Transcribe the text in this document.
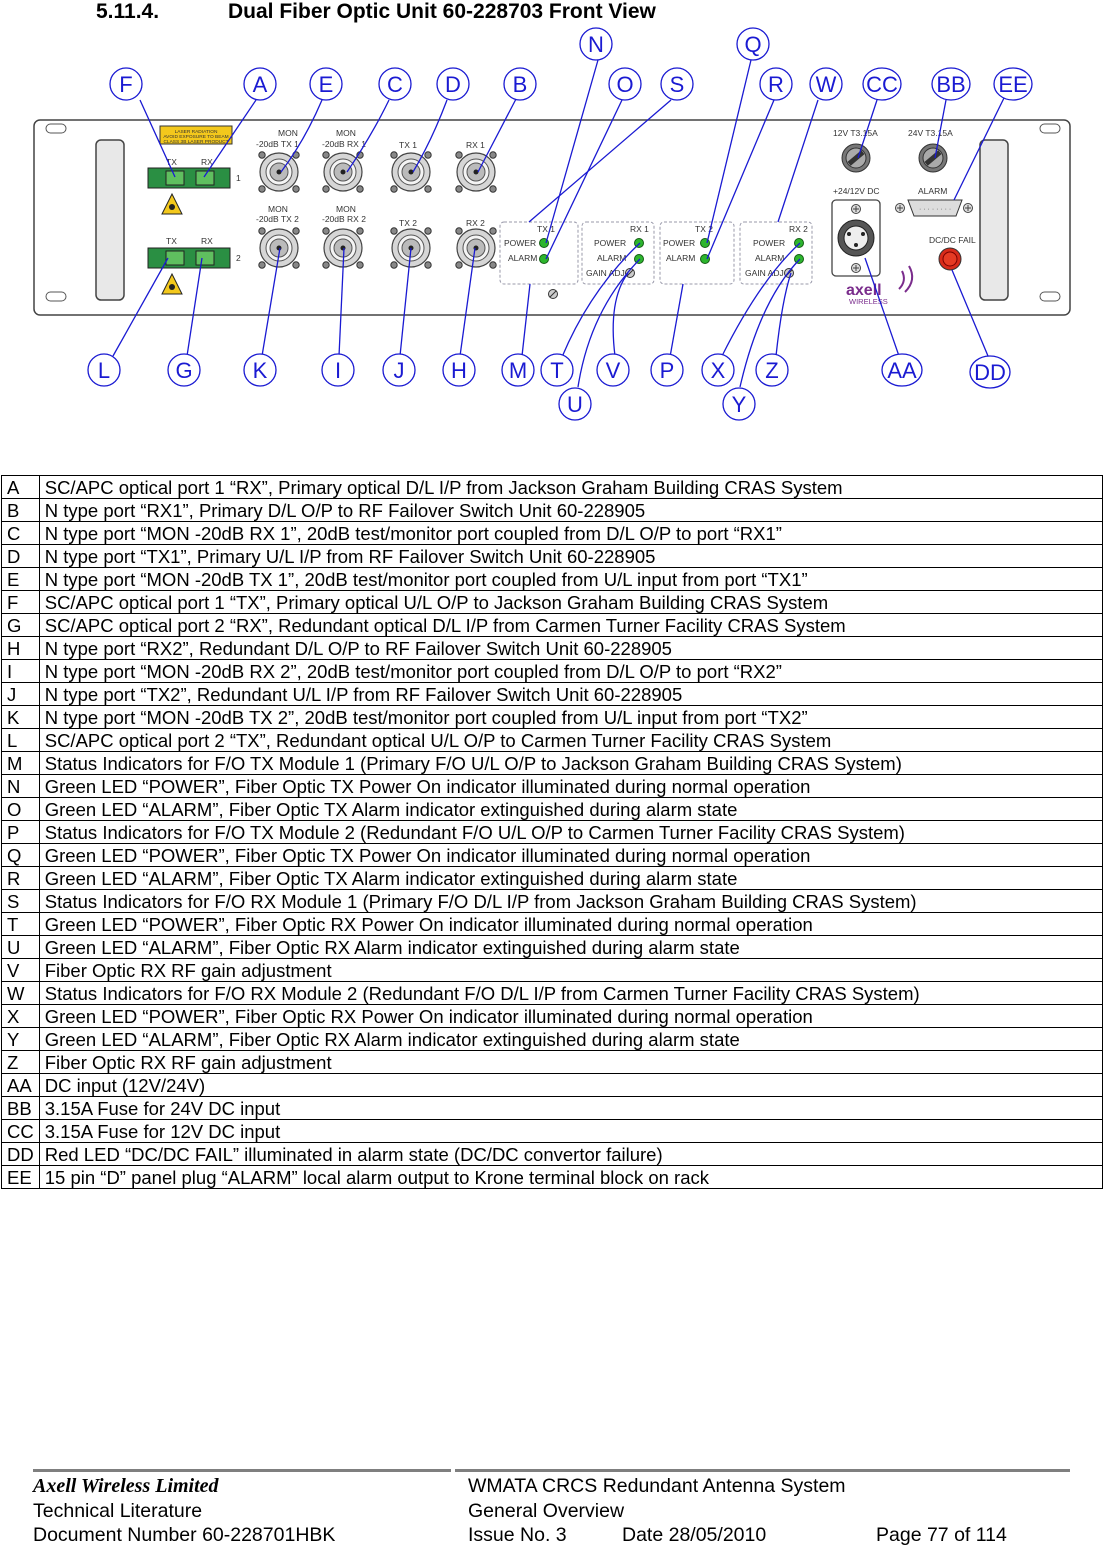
5.11.4.	Dual Fiber Optic Unit 60-228703 Front View
LASER RADIATION
AVOID EXPOSURE TO BEAM
CLASS 3B LASER PRODUCT
TX	RX
1
TX	RX
2
MON
-20dB TX 1
MON
-20dB RX 1	TX 1	RX 1
MON
-20dB TX 2
MON
-20dB RX 2	TX 2	RX 2
TX 1
POWER
ALARM
RX 1
POWER
ALARM
GAIN ADJ
TX 2
POWER
ALARM
RX 2
POWER
ALARM
GAIN ADJ
12V T3.15A	24V T3.15A
+24/12V DC	ALARM
· · · · · · · ·
DC/DC FAIL
axell
WIRELESS
F	A E C D B
N
O S
Q
R W CC BB EE
L	G	K	I J H M T
U
V P X
Y
Z	AA	DD
A	SC/APC optical port 1 “RX”, Primary optical D/L I/P from Jackson Graham Building CRAS System
B	N type port “RX1”, Primary D/L O/P to RF Failover Switch Unit 60-228905
C	N type port “MON -20dB RX 1”, 20dB test/monitor port coupled from D/L O/P to port “RX1”
D	N type port “TX1”, Primary U/L I/P from RF Failover Switch Unit 60-228905
E	N type port “MON -20dB TX 1”, 20dB test/monitor port coupled from U/L input from port “TX1”
F	SC/APC optical port 1 “TX”, Primary optical U/L O/P to Jackson Graham Building CRAS System
G	SC/APC optical port 2 “RX”, Redundant optical D/L I/P from Carmen Turner Facility CRAS System
H	N type port “RX2”, Redundant D/L O/P to RF Failover Switch Unit 60-228905
I	N type port “MON -20dB RX 2”, 20dB test/monitor port coupled from D/L O/P to port “RX2”
J	N type port “TX2”, Redundant U/L I/P from RF Failover Switch Unit 60-228905
K	N type port “MON -20dB TX 2”, 20dB test/monitor port coupled from U/L input from port “TX2”
L	SC/APC optical port 2 “TX”, Redundant optical U/L O/P to Carmen Turner Facility CRAS System
M	Status Indicators for F/O TX Module 1 (Primary F/O U/L O/P to Jackson Graham Building CRAS System)
N	Green LED “POWER”, Fiber Optic TX Power On indicator illuminated during normal operation
O	Green LED “ALARM”, Fiber Optic TX Alarm indicator extinguished during alarm state
P	Status Indicators for F/O TX Module 2 (Redundant F/O U/L O/P to Carmen Turner Facility CRAS System)
Q	Green LED “POWER”, Fiber Optic TX Power On indicator illuminated during normal operation
R	Green LED “ALARM”, Fiber Optic TX Alarm indicator extinguished during alarm state
S	Status Indicators for F/O RX Module 1 (Primary F/O D/L I/P from Jackson Graham Building CRAS System)
T	Green LED “POWER”, Fiber Optic RX Power On indicator illuminated during normal operation
U	Green LED “ALARM”, Fiber Optic RX Alarm indicator extinguished during alarm state
V	Fiber Optic RX RF gain adjustment
W	Status Indicators for F/O RX Module 2 (Redundant F/O D/L I/P from Carmen Turner Facility CRAS System)
X	Green LED “POWER”, Fiber Optic RX Power On indicator illuminated during normal operation
Y	Green LED “ALARM”, Fiber Optic RX Alarm indicator extinguished during alarm state
Z	Fiber Optic RX RF gain adjustment
AA	DC input (12V/24V)
BB	3.15A Fuse for 24V DC input
CC	3.15A Fuse for 12V DC input
DD	Red LED “DC/DC FAIL” illuminated in alarm state (DC/DC convertor failure)
EE	15 pin “D” panel plug “ALARM” local alarm output to Krone terminal block on rack
Axell Wireless Limited
Technical Literature
Document Number 60-228701HBK
WMATA CRCS Redundant Antenna System
General Overview
Issue No. 3	Date 28/05/2010	Page 77 of 114
